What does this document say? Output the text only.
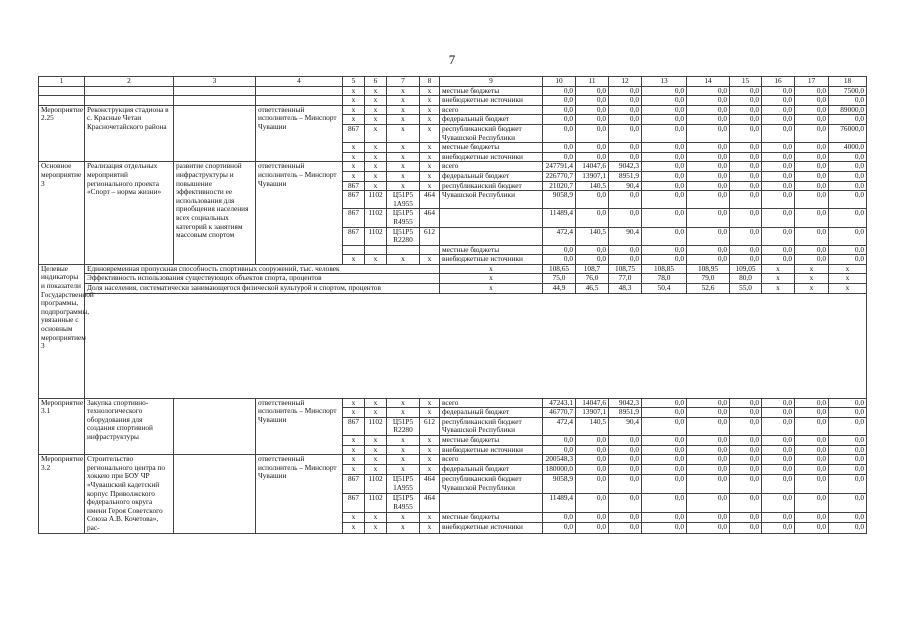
7
1	2	3	4	5	6	7	8	9	10	11	12	13	14	15	16	17	18
				x	x	x	x	местные бюджеты	0,0	0,0	0,0	0,0	0,0	0,0	0,0	0,0	7500,0
				x	x	x	x	внебюджетные источники	0,0	0,0	0,0	0,0	0,0	0,0	0,0	0,0	0,0
Мероприятие 2.25	Реконструкция стадиона в с. Красные Четаи Красночетайского района		ответственный исполнитель – Минспорт Чувашии	x	x	x	x	всего	0,0	0,0	0,0	0,0	0,0	0,0	0,0	0,0	89000,0
				x	x	x	x	федеральный бюджет	0,0	0,0	0,0	0,0	0,0	0,0	0,0	0,0	0,0
				867	x	x	x	республиканский бюджет Чувашской Республики	0,0	0,0	0,0	0,0	0,0	0,0	0,0	0,0	76000,0
				x	x	x	x	местные бюджеты	0,0	0,0	0,0	0,0	0,0	0,0	0,0	0,0	4000,0
				x	x	x	x	внебюджетные источники	0,0	0,0	0,0	0,0	0,0	0,0	0,0	0,0	0,0
Основное мероприятие 3	Реализация отдельных мероприятий регионального проекта «Спорт – норма жизни»	развитие спортивной инфраструктуры и повышение эффективности ее использования для приобщения населения всех социальных категорий к занятиям массовым спортом	ответственный исполнитель – Минспорт Чувашии	x	x	x	x	всего	247791,4	14047,6	9042,3	0,0	0,0	0,0	0,0	0,0	0,0
				x	x	x	x	федеральный бюджет	226770,7	13907,1	8951,9	0,0	0,0	0,0	0,0	0,0	0,0
				867	x	x	x	республиканский бюджет	21020,7	140,5	90,4	0,0	0,0	0,0	0,0	0,0	0,0
				867	1102	Ц51Р5 1А955	464	Чувашской Республики	9058,9	0,0	0,0	0,0	0,0	0,0	0,0	0,0	0,0
				867	1102	Ц51Р5 R4955	464		11489,4	0,0	0,0	0,0	0,0	0,0	0,0	0,0	0,0
				867	1102	Ц51Р5 R2280	612		472,4	140,5	90,4	0,0	0,0	0,0	0,0	0,0	0,0
								местные бюджеты	0,0	0,0	0,0	0,0	0,0	0,0	0,0	0,0	0,0
				x	x	x	x	внебюджетные источники	0,0	0,0	0,0	0,0	0,0	0,0	0,0	0,0	0,0
Целевые индикаторы и показатели Государственной программы, подпрограммы, увязанные с основным мероприятием 3	Единовременная пропускная способность спортивных сооружений, тыс. человек							x	108,65	108,7	108,75	108,85	108,95	109,05	x	x	x
	Эффективность использования существующих объектов спорта, процентов							x	75,0	76,0	77,0	78,0	79,0	80,0	x	x	x
	Доля населения, систематически занимающегося физической культурой и спортом, процентов							x	44,9	46,5	48,3	50,4	52,6	55,0	x	x	x

Мероприятие 3.1	Закупка спортивно-технологического оборудования для создания спортивной инфраструктуры		ответственный исполнитель – Минспорт Чувашии	x	x	x	x	всего	47243,1	14047,6	9042,3	0,0	0,0	0,0	0,0	0,0	0,0
				x	x	x	x	федеральный бюджет	46770,7	13907,1	8951,9	0,0	0,0	0,0	0,0	0,0	0,0
				867	1102	Ц51Р5 R2280	612	республиканский бюджет Чувашской Республики	472,4	140,5	90,4	0,0	0,0	0,0	0,0	0,0	0,0
				x	x	x	x	местные бюджеты	0,0	0,0	0,0	0,0	0,0	0,0	0,0	0,0	0,0
				x	x	x	x	внебюджетные источники	0,0	0,0	0,0	0,0	0,0	0,0	0,0	0,0	0,0
Мероприятие 3.2	Строительство регионального центра по хоккею при БОУ ЧР «Чувашский кадетский корпус Приволжского федерального округа имени Героя Советского Союза А.В. Кочетова», рас-		ответственный исполнитель – Минспорт Чувашии	x	x	x	x	всего	200548,3	0,0	0,0	0,0	0,0	0,0	0,0	0,0	0,0
				x	x	x	x	федеральный бюджет	180000,0	0,0	0,0	0,0	0,0	0,0	0,0	0,0	0,0
				867	1102	Ц51Р5 1А955	464	республиканский бюджет Чувашской Республики	9058,9	0,0	0,0	0,0	0,0	0,0	0,0	0,0	0,0
				867	1102	Ц51Р5 R4955	464		11489,4	0,0	0,0	0,0	0,0	0,0	0,0	0,0	0,0
				x	x	x	x	местные бюджеты	0,0	0,0	0,0	0,0	0,0	0,0	0,0	0,0	0,0
				x	x	x	x	внебюджетные источники	0,0	0,0	0,0	0,0	0,0	0,0	0,0	0,0	0,0
